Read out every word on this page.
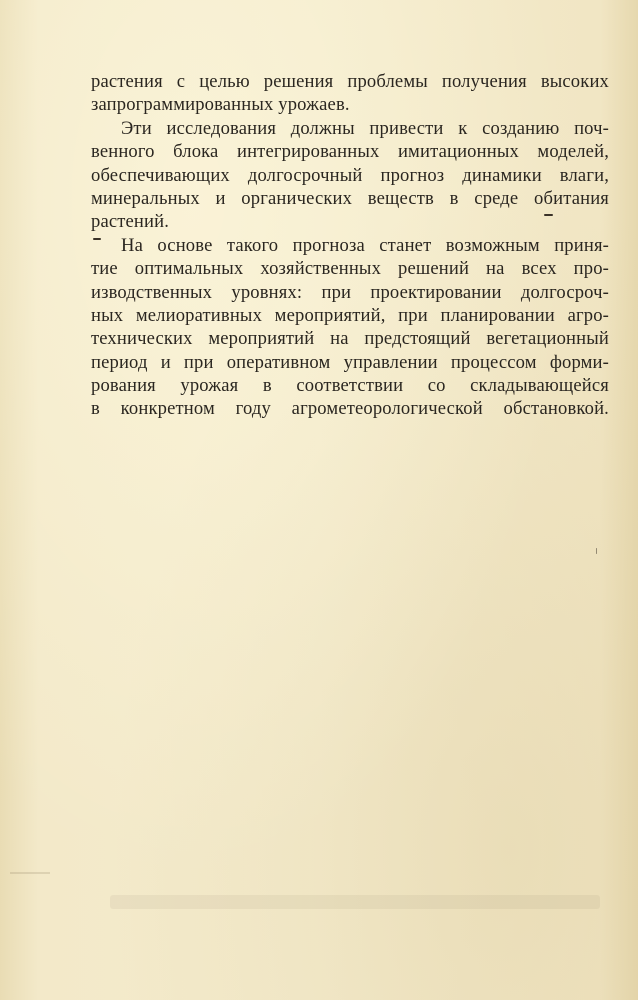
растения с целью решения проблемы получения высоких
запрограммированных урожаев.
Эти исследования должны привести к созданию поч-
венного блока интегрированных имитационных моделей,
обеспечивающих долгосрочный прогноз динамики влаги,
минеральных и органических веществ в среде обитания
растений.
На основе такого прогноза станет возможным приня-
тие оптимальных хозяйственных решений на всех про-
изводственных уровнях: при проектировании долгосроч-
ных мелиоративных мероприятий, при планировании агро-
технических мероприятий на предстоящий вегетационный
период и при оперативном управлении процессом форми-
рования урожая в соответствии со складывающейся
в конкретном году агрометеорологической обстановкой.
